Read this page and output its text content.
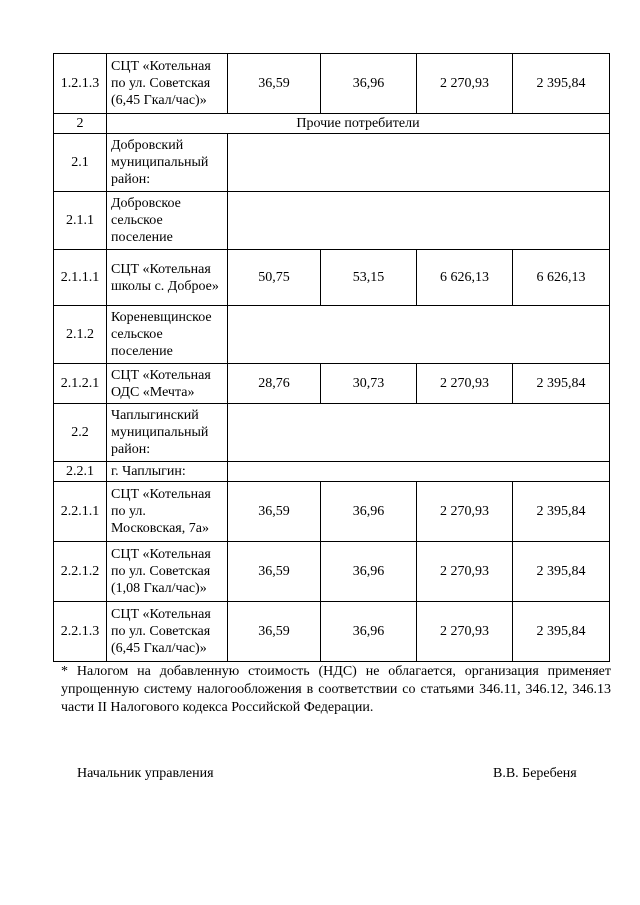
1.2.1.3	СЦТ «Котельная по ул. Советская (6,45 Гкал/час)»	36,59	36,96	2 270,93	2 395,84
2	Прочие потребители				
2.1	Добровский муниципальный район:				
2.1.1	Добровское сельское поселение				
2.1.1.1	СЦТ «Котельная школы с. Доброе»	50,75	53,15	6 626,13	6 626,13
2.1.2	Кореневщинское сельское поселение				
2.1.2.1	СЦТ «Котельная ОДС «Мечта»	28,76	30,73	2 270,93	2 395,84
2.2	Чаплыгинский муниципальный район:				
2.2.1	г. Чаплыгин:				
2.2.1.1	СЦТ «Котельная по ул. Московская, 7а»	36,59	36,96	2 270,93	2 395,84
2.2.1.2	СЦТ «Котельная по ул. Советская (1,08 Гкал/час)»	36,59	36,96	2 270,93	2 395,84
2.2.1.3	СЦТ «Котельная по ул. Советская (6,45 Гкал/час)»	36,59	36,96	2 270,93	2 395,84
* Налогом на добавленную стоимость (НДС) не облагается, организация применяет упрощенную систему налогообложения в соответствии со статьями 346.11, 346.12, 346.13 части II Налогового кодекса Российской Федерации.
Начальник управления	В.В. Беребеня
